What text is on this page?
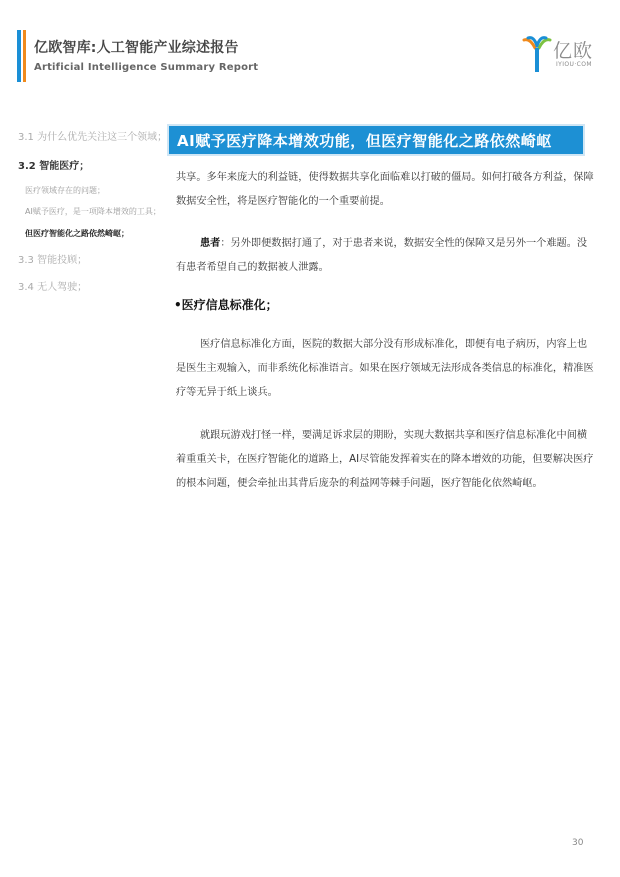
亿欧智库:人工智能产业综述报告
Artificial Intelligence Summary Report
亿欧
IYIOU·COM
3.1 为什么优先关注这三个领域；
3.2 智能医疗；
医疗领域存在的问题；
AI赋予医疗，是一项降本增效的工具；
但医疗智能化之路依然崎岖；
3.3 智能投顾；
3.4 无人驾驶；
AI赋予医疗降本增效功能，但医疗智能化之路依然崎岖

共享。多年来庞大的利益链，使得数据共享化面临难以打破的僵局。如何打破各方利益，保障数据安全性，将是医疗智能化的一个重要前提。

患者：另外即便数据打通了，对于患者来说，数据安全性的保障又是另外一个难题。没有患者希望自己的数据被人泄露。

•医疗信息标准化；

医疗信息标准化方面，医院的数据大部分没有形成标准化，即便有电子病历，内容上也是医生主观输入，而非系统化标准语言。如果在医疗领域无法形成各类信息的标准化，精准医疗等无异于纸上谈兵。

就跟玩游戏打怪一样，要满足诉求层的期盼，实现大数据共享和医疗信息标准化中间横着重重关卡，在医疗智能化的道路上，AI尽管能发挥着实在的降本增效的功能，但要解决医疗的根本问题，便会牵扯出其背后庞杂的利益网等棘手问题，医疗智能化依然崎岖。

30
